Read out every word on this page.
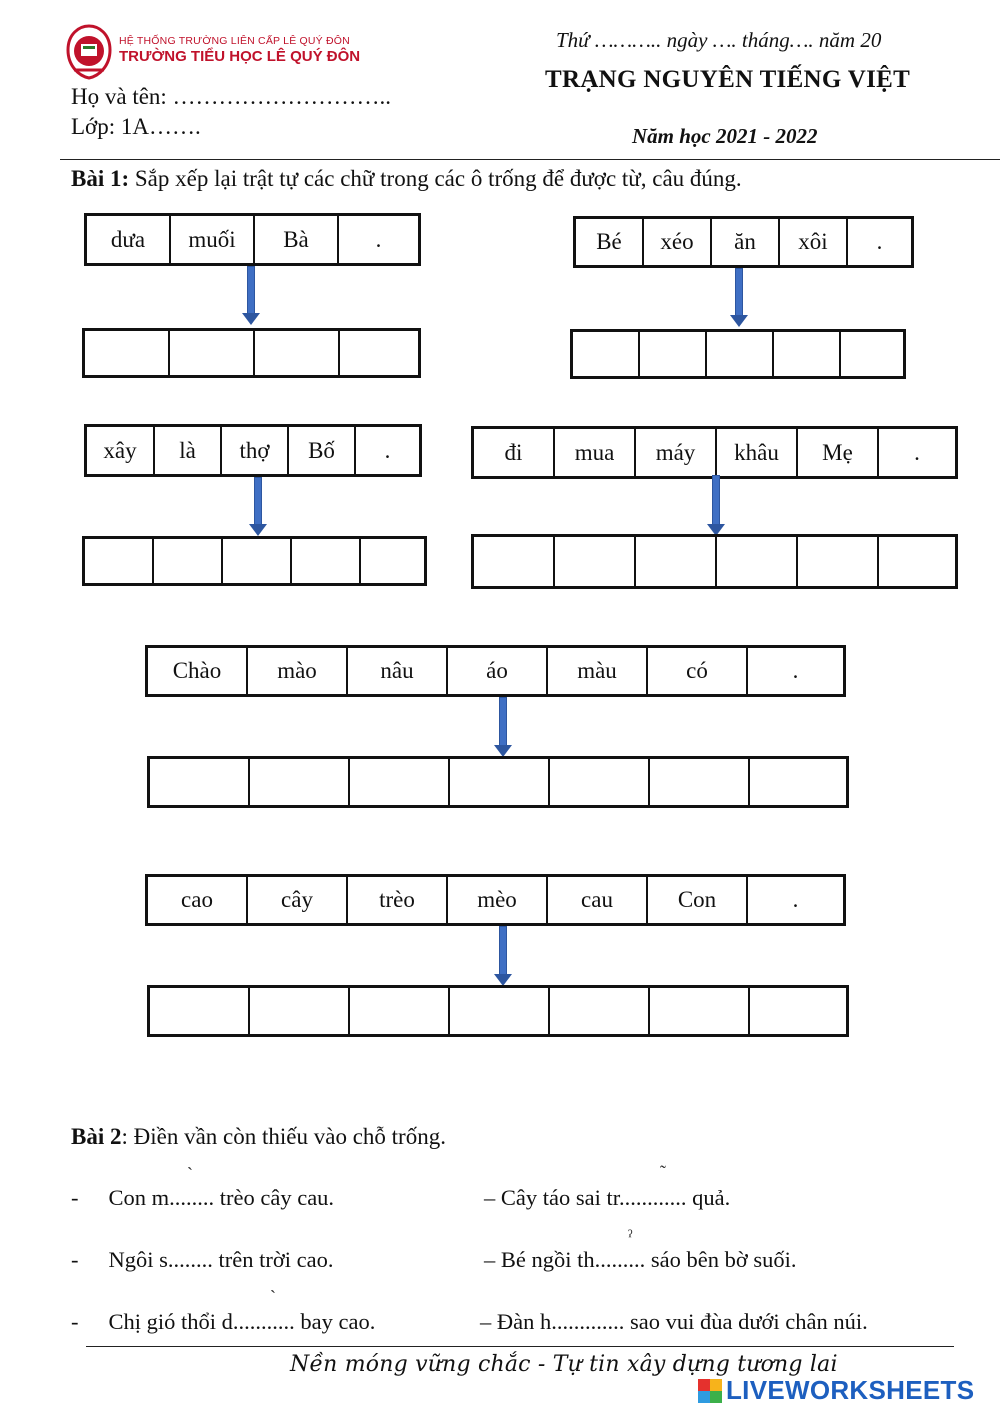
HỆ THỐNG TRƯỜNG LIÊN CẤP LÊ QUÝ ĐÔN
TRƯỜNG TIỂU HỌC LÊ QUÝ ĐÔN
Thứ ……….. ngày …. tháng…. năm 20
TRẠNG NGUYÊN TIẾNG VIỆT
Họ và tên: ………………………..
Lớp: 1A…….	Năm học 2021 - 2022
Bài 1: Sắp xếp lại trật tự các chữ trong các ô trống để được từ, câu đúng.
dưa	muối	Bà	.	Bé	xéo	ăn	xôi	.
xây	là	thợ	Bố	.	đi	mua	máy	khâu	Mẹ	.
Chào	mào	nâu	áo	màu	có	.
cao	cây	trèo	mèo	cau	Con	.
Bài 2: Điền vần còn thiếu vào chỗ trống.
`
- Con m........ trèo cây cau.
˜
– Cây táo sai tr............ quả.
- Ngôi s........ trên trời cao.
ˀ
– Bé ngồi th......... sáo bên bờ suối.
ˋ
- Chị gió thổi d........... bay cao.	– Đàn h............. sao vui đùa dưới chân núi.
Nền móng vững chắc - Tự tin xây dựng tương lai
LIVEWORKSHEETS
